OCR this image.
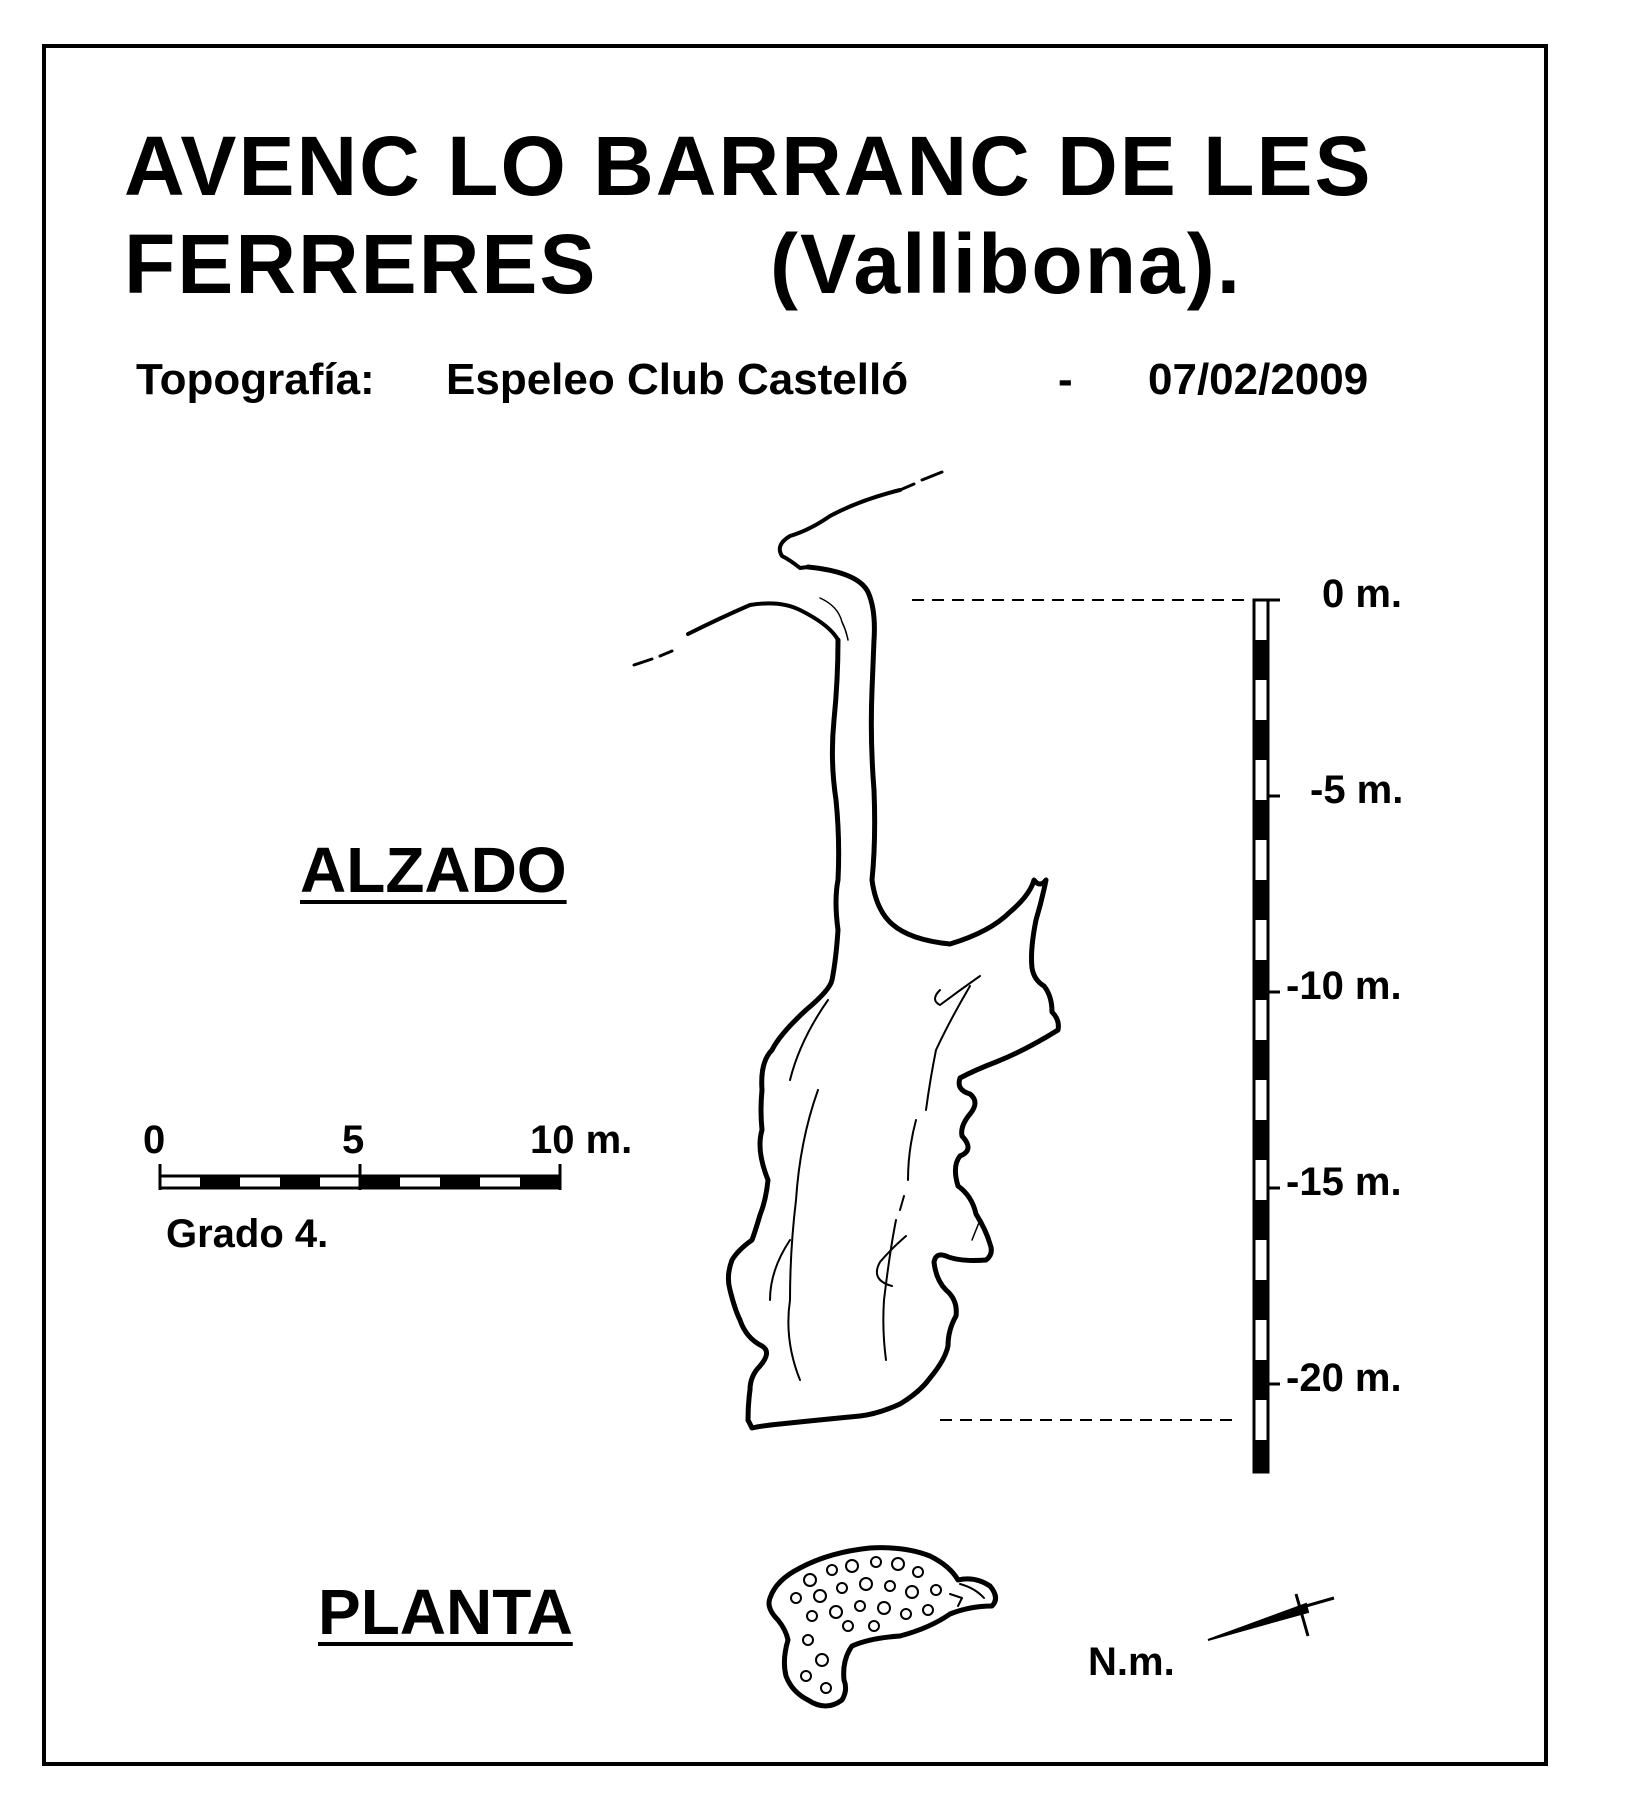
AVENC LO BARRANC DE LES
FERRERES (Vallibona).
Topografía: Espeleo Club Castelló	- 07/02/2009
ALZADO
PLANTA
0 m.
-5 m.
-10 m.
-15 m.
-20 m.
0	5	10 m.
Grado 4.
N.m.
